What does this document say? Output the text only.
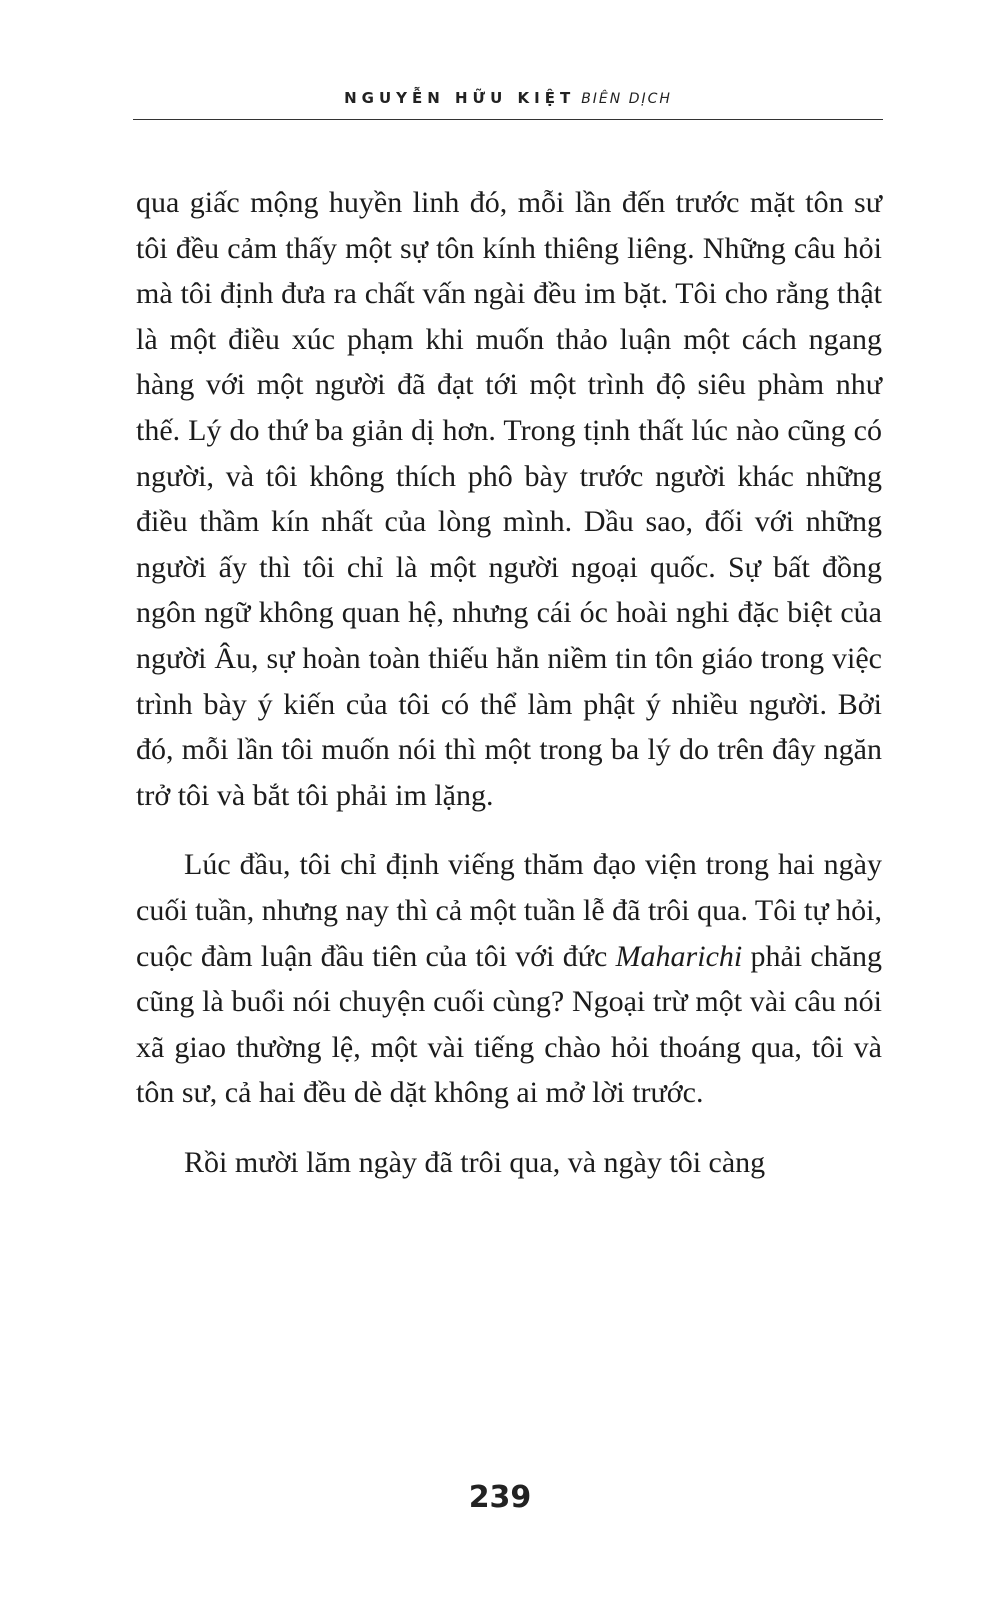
NGUYỄN HỮU KIỆT BIÊN DỊCH

qua giấc mộng huyền linh đó, mỗi lần đến trước mặt tôn sư tôi đều cảm thấy một sự tôn kính thiêng liêng. Những câu hỏi mà tôi định đưa ra chất vấn ngài đều im bặt. Tôi cho rằng thật là một điều xúc phạm khi muốn thảo luận một cách ngang hàng với một người đã đạt tới một trình độ siêu phàm như thế. Lý do thứ ba giản dị hơn. Trong tịnh thất lúc nào cũng có người, và tôi không thích phô bày trước người khác những điều thầm kín nhất của lòng mình. Dầu sao, đối với những người ấy thì tôi chỉ là một người ngoại quốc. Sự bất đồng ngôn ngữ không quan hệ, nhưng cái óc hoài nghi đặc biệt của người Âu, sự hoàn toàn thiếu hẳn niềm tin tôn giáo trong việc trình bày ý kiến của tôi có thể làm phật ý nhiều người. Bởi đó, mỗi lần tôi muốn nói thì một trong ba lý do trên đây ngăn trở tôi và bắt tôi phải im lặng.

Lúc đầu, tôi chỉ định viếng thăm đạo viện trong hai ngày cuối tuần, nhưng nay thì cả một tuần lễ đã trôi qua. Tôi tự hỏi, cuộc đàm luận đầu tiên của tôi với đức Maharichi phải chăng cũng là buổi nói chuyện cuối cùng? Ngoại trừ một vài câu nói xã giao thường lệ, một vài tiếng chào hỏi thoáng qua, tôi và tôn sư, cả hai đều dè dặt không ai mở lời trước.

Rồi mười lăm ngày đã trôi qua, và ngày tôi càng

239
